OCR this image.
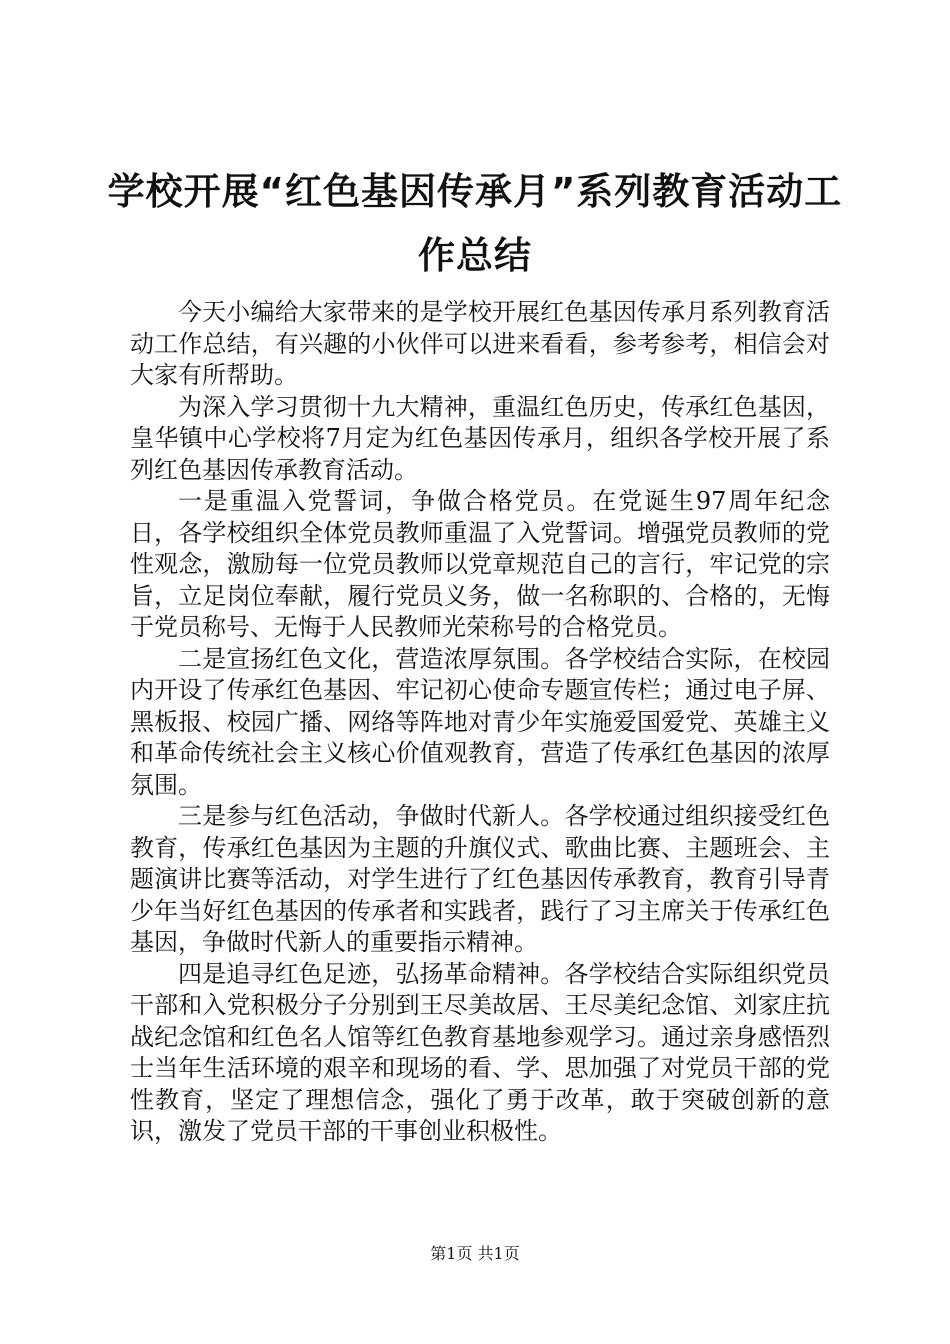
学校开展“红色基因传承月”系列教育活动工作总结

今天小编给大家带来的是学校开展红色基因传承月系列教育活动工作总结，有兴趣的小伙伴可以进来看看，参考参考，相信会对大家有所帮助。

为深入学习贯彻十九大精神，重温红色历史，传承红色基因，皇华镇中心学校将7月定为红色基因传承月，组织各学校开展了系列红色基因传承教育活动。

一是重温入党誓词，争做合格党员。在党诞生97周年纪念日，各学校组织全体党员教师重温了入党誓词。增强党员教师的党性观念，激励每一位党员教师以党章规范自己的言行，牢记党的宗旨，立足岗位奉献，履行党员义务，做一名称职的、合格的，无悔于党员称号、无悔于人民教师光荣称号的合格党员。

二是宣扬红色文化，营造浓厚氛围。各学校结合实际，在校园内开设了传承红色基因、牢记初心使命专题宣传栏；通过电子屏、黑板报、校园广播、网络等阵地对青少年实施爱国爱党、英雄主义和革命传统社会主义核心价值观教育，营造了传承红色基因的浓厚氛围。

三是参与红色活动，争做时代新人。各学校通过组织接受红色教育，传承红色基因为主题的升旗仪式、歌曲比赛、主题班会、主题演讲比赛等活动，对学生进行了红色基因传承教育，教育引导青少年当好红色基因的传承者和实践者，践行了习主席关于传承红色基因，争做时代新人的重要指示精神。

四是追寻红色足迹，弘扬革命精神。各学校结合实际组织党员干部和入党积极分子分别到王尽美故居、王尽美纪念馆、刘家庄抗战纪念馆和红色名人馆等红色教育基地参观学习。通过亲身感悟烈士当年生活环境的艰辛和现场的看、学、思加强了对党员干部的党性教育，坚定了理想信念，强化了勇于改革，敢于突破创新的意识，激发了党员干部的干事创业积极性。

第1页 共1页
